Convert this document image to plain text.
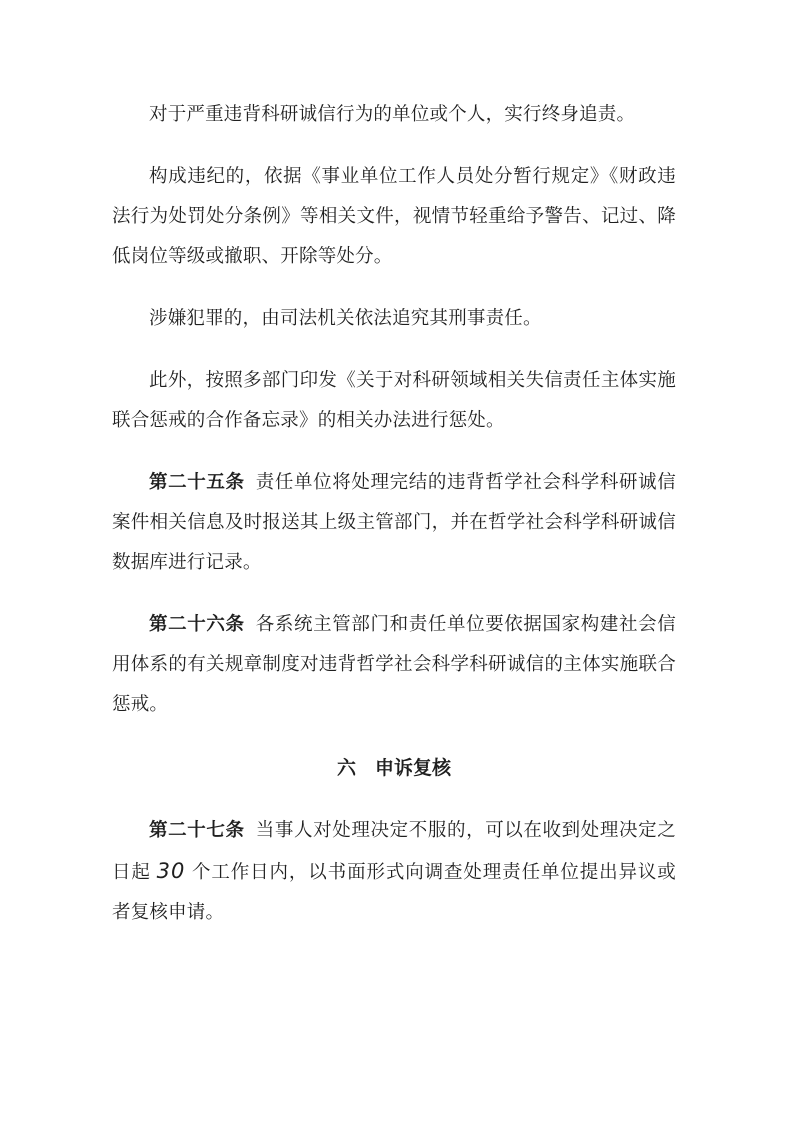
对于严重违背科研诚信行为的单位或个人，实行终身追责。

构成违纪的，依据《事业单位工作人员处分暂行规定》《财政违法行为处罚处分条例》等相关文件，视情节轻重给予警告、记过、降低岗位等级或撤职、开除等处分。

涉嫌犯罪的，由司法机关依法追究其刑事责任。

此外，按照多部门印发《关于对科研领域相关失信责任主体实施联合惩戒的合作备忘录》的相关办法进行惩处。

第二十五条 责任单位将处理完结的违背哲学社会科学科研诚信案件相关信息及时报送其上级主管部门，并在哲学社会科学科研诚信数据库进行记录。

第二十六条 各系统主管部门和责任单位要依据国家构建社会信用体系的有关规章制度对违背哲学社会科学科研诚信的主体实施联合惩戒。

六　申诉复核

第二十七条 当事人对处理决定不服的，可以在收到处理决定之日起 30 个工作日内，以书面形式向调查处理责任单位提出异议或者复核申请。
